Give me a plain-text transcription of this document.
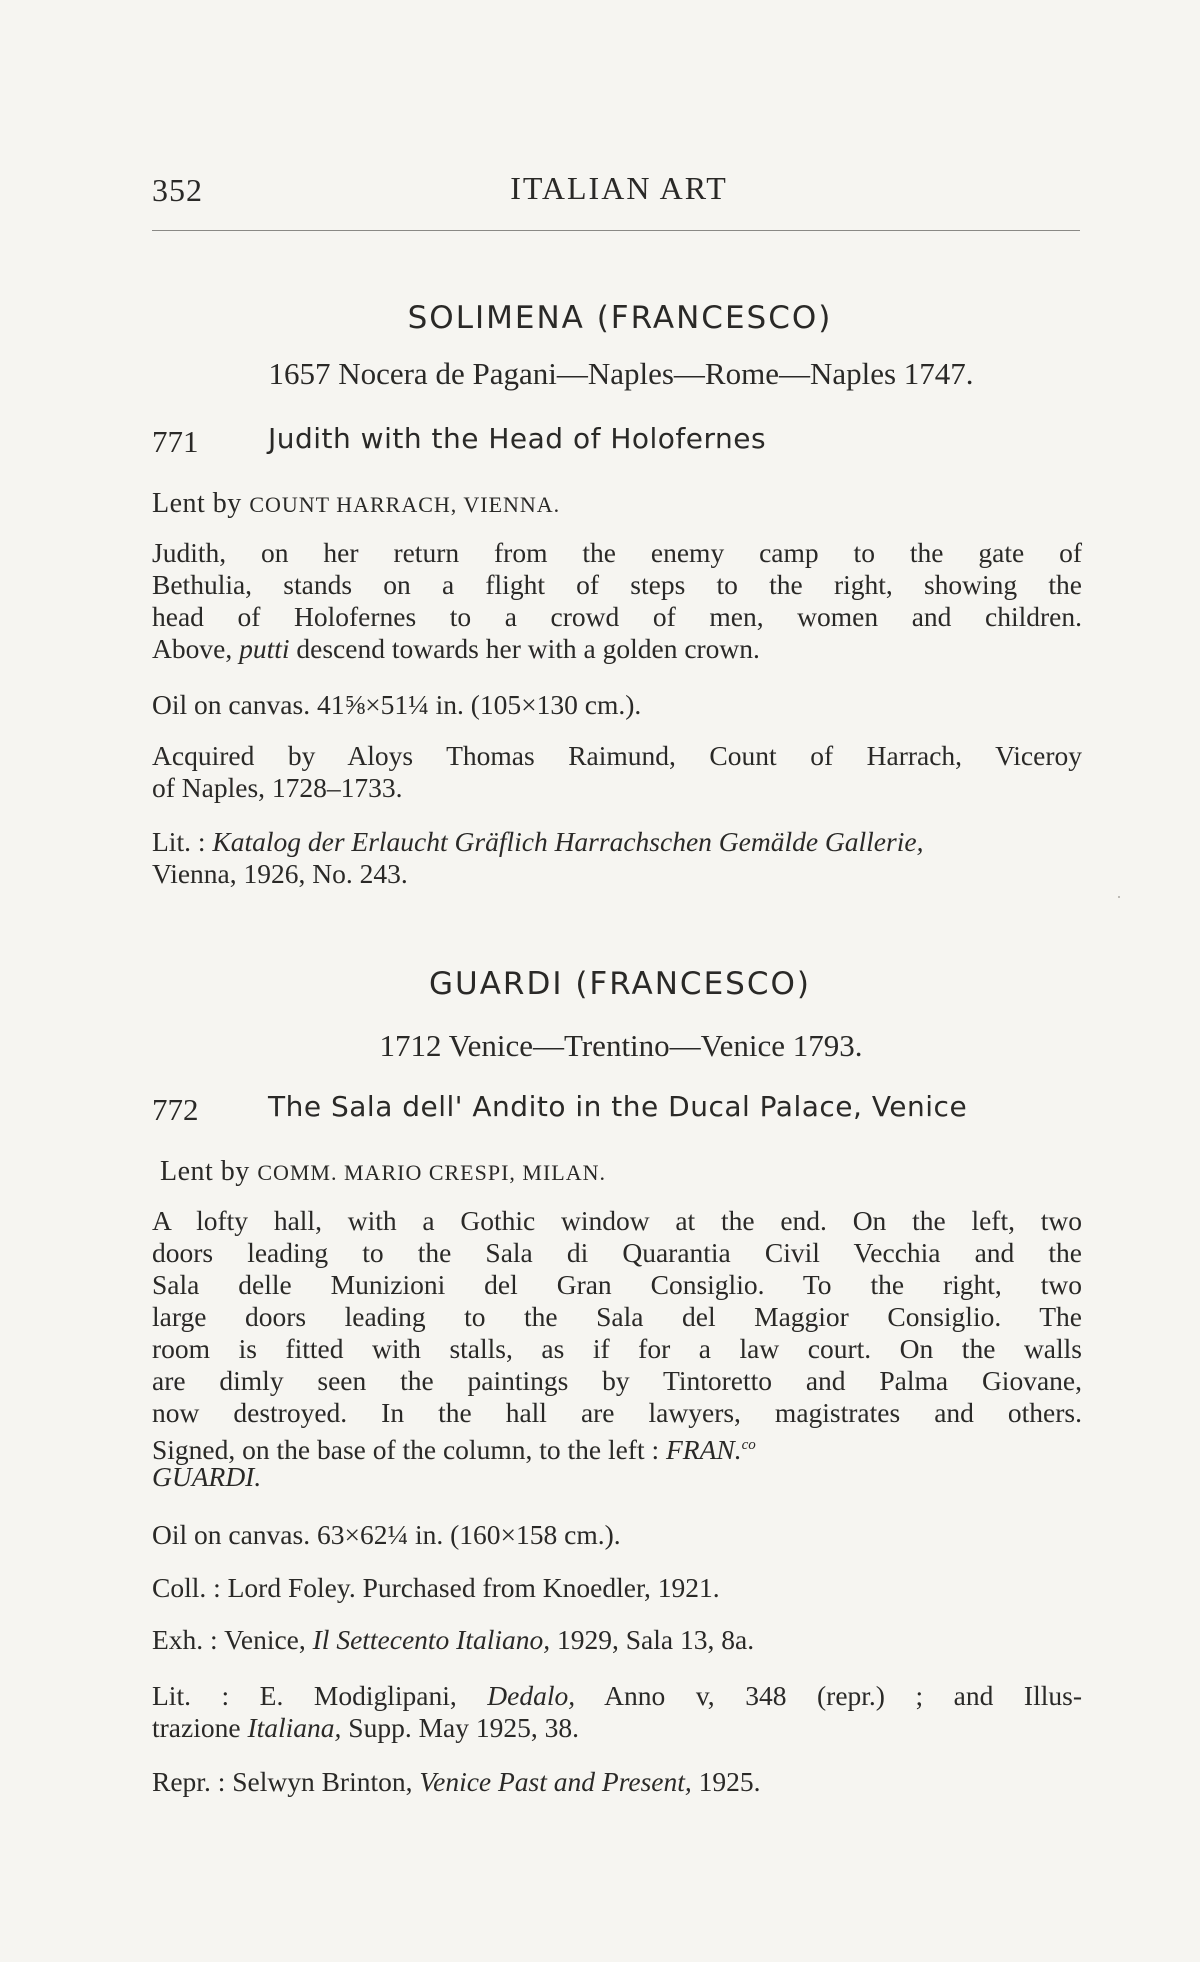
352	ITALIAN ART
SOLIMENA (FRANCESCO)
1657 Nocera de Pagani—Naples—Rome—Naples 1747.
771 Judith with the Head of Holofernes
Lent by COUNT HARRACH, VIENNA.
Judith, on her return from the enemy camp to the gate of
Bethulia, stands on a flight of steps to the right, showing the
head of Holofernes to a crowd of men, women and children.
Above, putti descend towards her with a golden crown.
Oil on canvas. 41⅝×51¼ in. (105×130 cm.).
Acquired by Aloys Thomas Raimund, Count of Harrach, Viceroy
of Naples, 1728–1733.
Lit. : Katalog der Erlaucht Gräflich Harrachschen Gemälde Gallerie,
Vienna, 1926, No. 243.
GUARDI (FRANCESCO)
1712 Venice—Trentino—Venice 1793.
772 The Sala dell' Andito in the Ducal Palace, Venice
Lent by COMM. MARIO CRESPI, MILAN.
A lofty hall, with a Gothic window at the end. On the left, two
doors leading to the Sala di Quarantia Civil Vecchia and the
Sala delle Munizioni del Gran Consiglio. To the right, two
large doors leading to the Sala del Maggior Consiglio. The
room is fitted with stalls, as if for a law court. On the walls
are dimly seen the paintings by Tintoretto and Palma Giovane,
now destroyed. In the hall are lawyers, magistrates and others.
Signed, on the base of the column, to the left : FRAN.$^{co}$
GUARDI.
Oil on canvas. 63×62¼ in. (160×158 cm.).
Coll. : Lord Foley. Purchased from Knoedler, 1921.
Exh. : Venice, Il Settecento Italiano, 1929, Sala 13, 8a.
Lit. : E. Modiglipani, Dedalo, Anno v, 348 (repr.) ; and Illus-
trazione Italiana, Supp. May 1925, 38.
Repr. : Selwyn Brinton, Venice Past and Present, 1925.
